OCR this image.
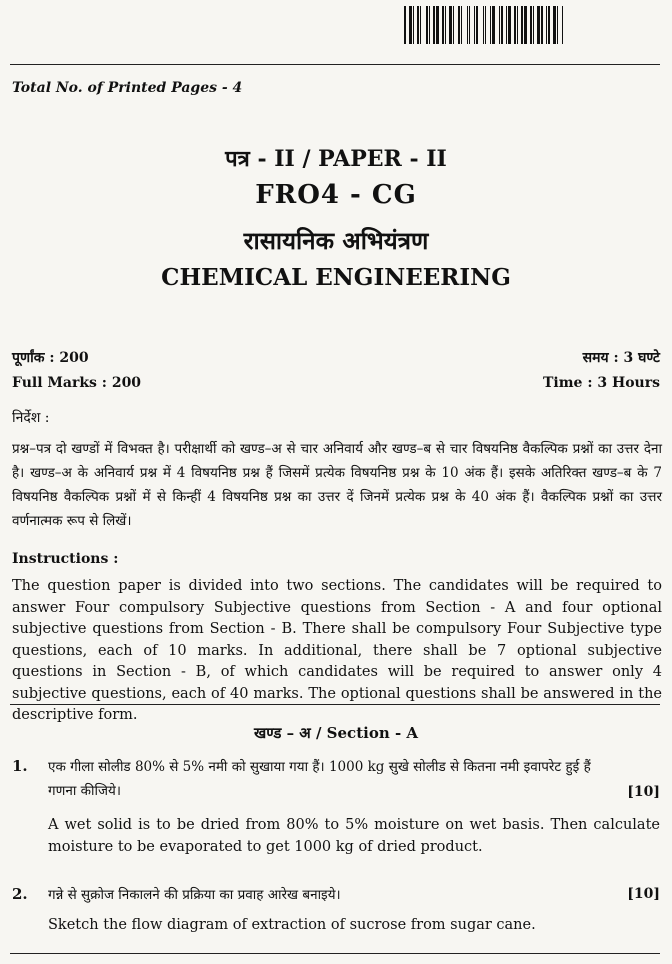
Total No. of Printed Pages - 4
पत्र - II / PAPER - II
FRO4 - CG
रासायनिक अभियंत्रण
CHEMICAL ENGINEERING
पूर्णांक : 200	समय : 3 घण्टे
Full Marks : 200	Time : 3 Hours
निर्देश :
प्रश्न–पत्र दो खण्डों में विभक्त है। परीक्षार्थी को खण्ड–अ से चार अनिवार्य और खण्ड–ब से चार विषयनिष्ठ वैकल्पिक प्रश्नों का उत्तर देना है। खण्ड–अ के अनिवार्य प्रश्न में 4 विषयनिष्ठ प्रश्न हैं जिसमें प्रत्येक विषयनिष्ठ प्रश्न के 10 अंक हैं। इसके अतिरिक्त खण्ड–ब के 7 विषयनिष्ठ वैकल्पिक प्रश्नों में से किन्हीं 4 विषयनिष्ठ प्रश्न का उत्तर दें जिनमें प्रत्येक प्रश्न के 40 अंक हैं। वैकल्पिक प्रश्नों का उत्तर वर्णनात्मक रूप से लिखें।
Instructions :
The question paper is divided into two sections. The candidates will be required to answer Four compulsory Subjective questions from Section - A and four optional subjective questions from Section - B. There shall be compulsory Four Subjective type questions, each of 10 marks. In additional, there shall be 7 optional subjective questions in Section - B, of which candidates will be required to answer only 4 subjective questions, each of 40 marks. The optional questions shall be answered in the descriptive form.
खण्ड – अ / Section - A
1. एक गीला सोलीड 80% से 5% नमी को सुखाया गया हैं। 1000 kg सुखे सोलीड से कितना नमी इवापरेट हुई हैं गणना कीजिये।	[10]
A wet solid is to be dried from 80% to 5% moisture on wet basis. Then calculate moisture to be evaporated to get 1000 kg of dried product.
2. गन्ने से सुक्रोज निकालने की प्रक्रिया का प्रवाह आरेख बनाइये।	[10]
Sketch the flow diagram of extraction of sucrose from sugar cane.
